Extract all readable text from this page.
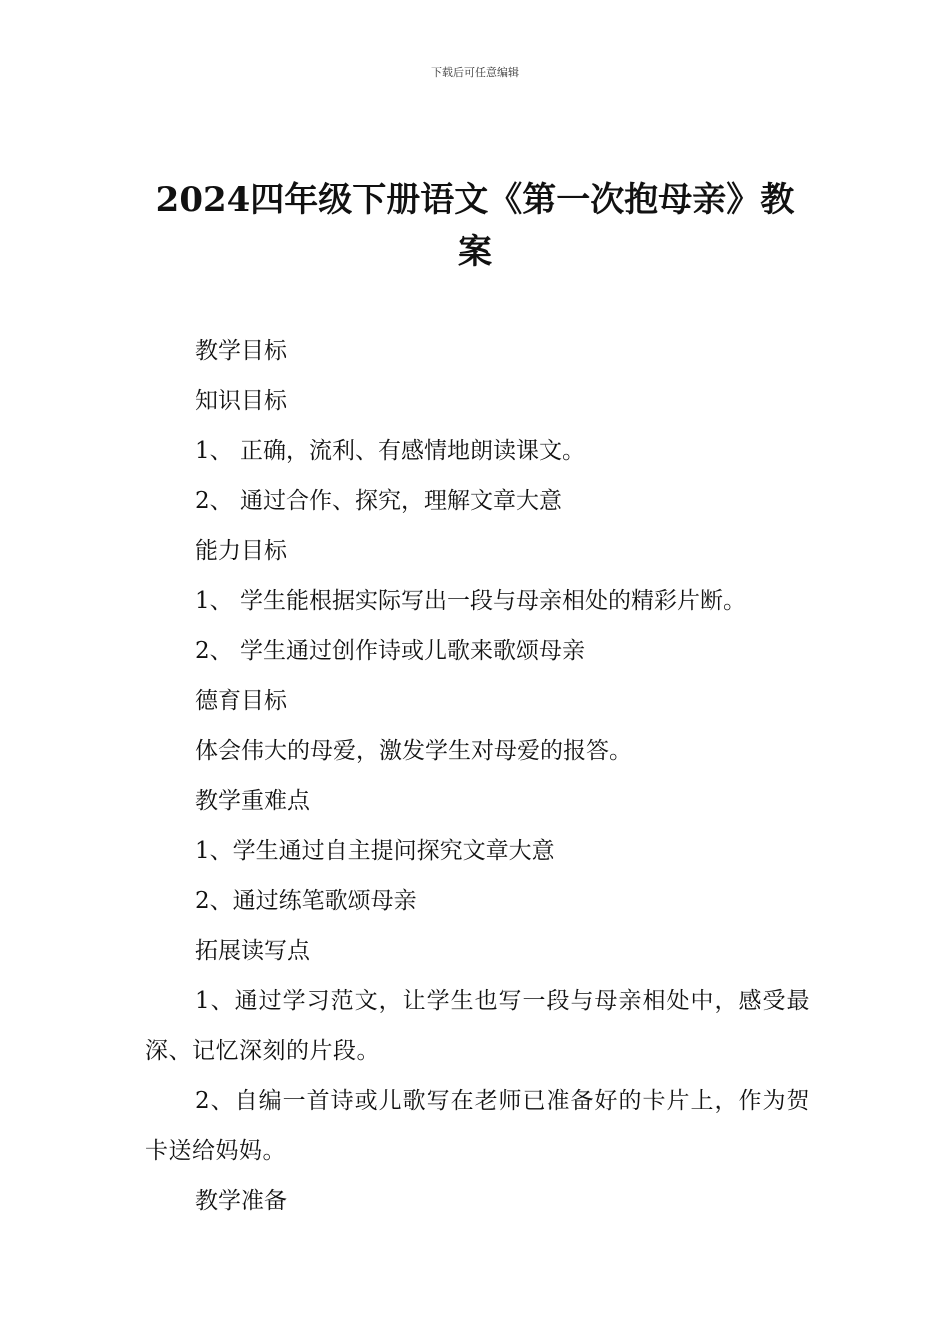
下载后可任意编辑
2024四年级下册语文《第一次抱母亲》教案

教学目标

知识目标

1、 正确，流利、有感情地朗读课文。

2、 通过合作、探究，理解文章大意

能力目标

1、 学生能根据实际写出一段与母亲相处的精彩片断。

2、 学生通过创作诗或儿歌来歌颂母亲

德育目标

体会伟大的母爱，激发学生对母爱的报答。

教学重难点

1、学生通过自主提问探究文章大意

2、通过练笔歌颂母亲

拓展读写点

1、通过学习范文，让学生也写一段与母亲相处中，感受最深、记忆深刻的片段。

2、自编一首诗或儿歌写在老师已准备好的卡片上，作为贺卡送给妈妈。

教学准备
